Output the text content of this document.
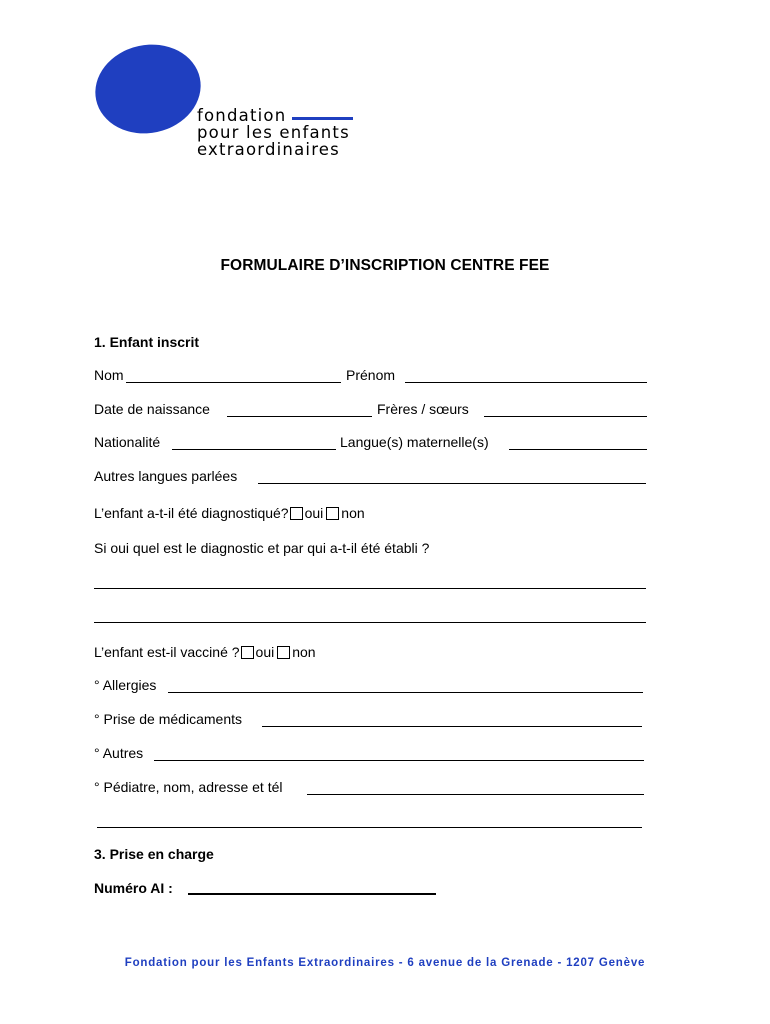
fondation
pour les enfants
extraordinaires
FORMULAIRE D’INSCRIPTION CENTRE FEE
1. Enfant inscrit
Nom	Prénom
Date de naissance	Frères / sœurs
Nationalité	Langue(s) maternelle(s)
Autres langues parlées
L’enfant a-t-il été diagnostiqué? oui non
Si oui quel est le diagnostic et par qui a-t-il été établi ?
L’enfant est-il vacciné ? oui non
° Allergies
° Prise de médicaments
° Autres
° Pédiatre, nom, adresse et tél
3. Prise en charge
Numéro AI :
Fondation pour les Enfants Extraordinaires - 6 avenue de la Grenade - 1207 Genève
